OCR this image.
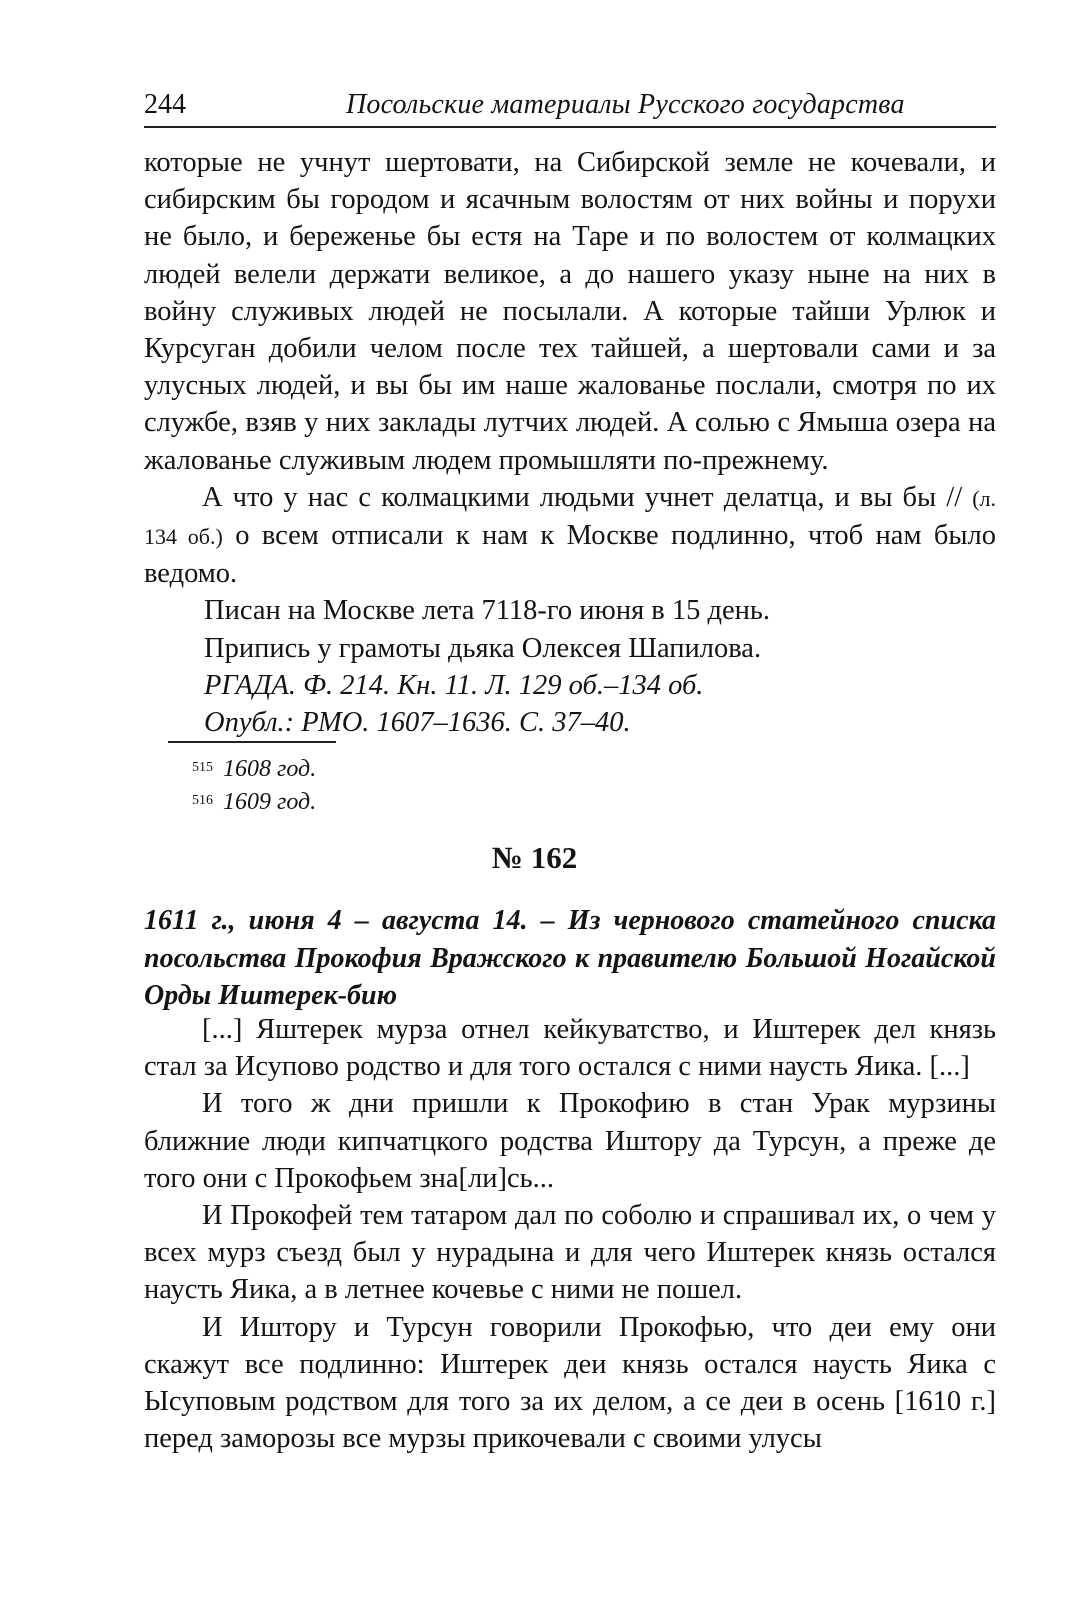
244	Посольские материалы Русского государства

которые не учнут шертовати, на Сибирской земле не кочевали, и сибирским бы городом и ясачным волостям от них войны и порухи не было, и береженье бы естя на Таре и по волостем от колмацких людей велели держати великое, а до нашего указу ныне на них в войну служивых людей не посылали. А которые тайши Урлюк и Курсуган добили челом после тех тайшей, а шертовали сами и за улусных людей, и вы бы им наше жалованье послали, смотря по их службе, взяв у них заклады лутчих людей. А солью с Ямыша озера на жалованье служивым людем промышляти по-прежнему.

А что у нас с колмацкими людьми учнет делатца, и вы бы // (л. 134 об.) о всем отписали к нам к Москве подлинно, чтоб нам было ведомо.

Писан на Москве лета 7118-го июня в 15 день.

Припись у грамоты дьяка Олексея Шапилова.

РГАДА. Ф. 214. Кн. 11. Л. 129 об.–134 об.

Опубл.: РМО. 1607–1636. С. 37–40.

$^{515}$ 1608 год.
$^{516}$ 1609 год.
№ 162

1611 г., июня 4 – августа 14. – Из чернового статейного списка посольства Прокофия Вражского к правителю Большой Ногайской Орды Иштерек-бию

[...] Яштерек мурза отнел кейкуватство, и Иштерек дел князь стал за Исупово родство и для того остался с ними наусть Яика. [...]

И того ж дни пришли к Прокофию в стан Урак мурзины ближние люди кипчатцкого родства Иштору да Турсун, а преже де того они с Прокофьем зна[ли]сь...

И Прокофей тем татаром дал по соболю и спрашивал их, о чем у всех мурз съезд был у нурадына и для чего Иштерек князь остался наусть Яика, а в летнее кочевье с ними не пошел.

И Иштору и Турсун говорили Прокофью, что деи ему они скажут все подлинно: Иштерек деи князь остался наусть Яика с Ысуповым родством для того за их делом, а се деи в осень [1610 г.] перед заморозы все мурзы прикочевали с своими улусы
